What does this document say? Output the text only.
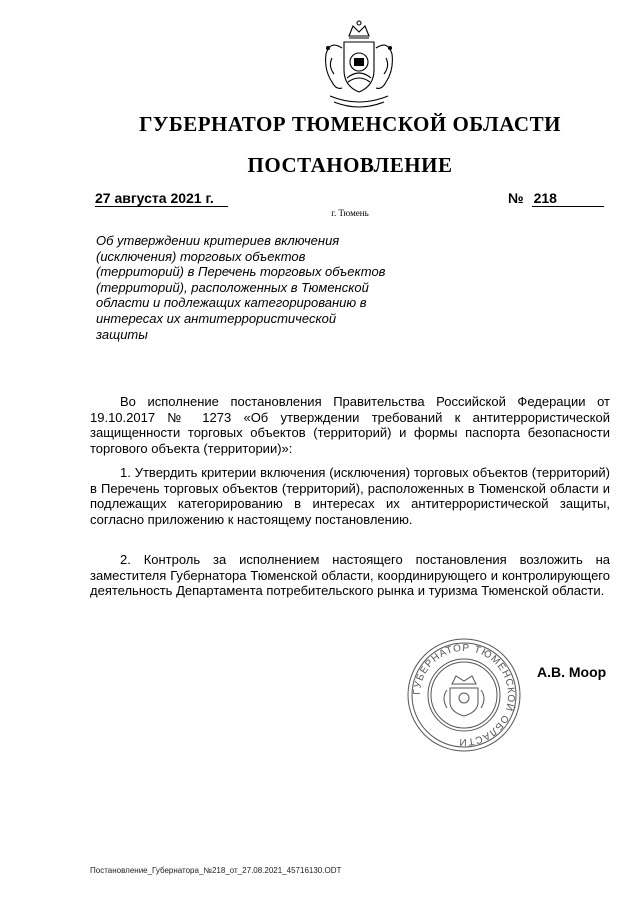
ГУБЕРНАТОР ТЮМЕНСКОЙ ОБЛАСТИ
ПОСТАНОВЛЕНИЕ
27 августа 2021 г.	№ 218
г. Тюмень
Об утверждении критериев включения (исключения) торговых объектов (территорий) в Перечень торговых объектов (территорий), расположенных в Тюменской области и подлежащих категорированию в интересах их антитеррористической защиты
Во исполнение постановления Правительства Российской Федерации от 19.10.2017 № 1273 «Об утверждении требований к антитеррористической защищенности торговых объектов (территорий) и формы паспорта безопасности торгового объекта (территории)»:
1. Утвердить критерии включения (исключения) торговых объектов (территорий) в Перечень торговых объектов (территорий), расположенных в Тюменской области и подлежащих категорированию в интересах их антитеррористической защиты, согласно приложению к настоящему постановлению.
2. Контроль за исполнением настоящего постановления возложить на заместителя Губернатора Тюменской области, координирующего и контролирующего деятельность Департамента потребительского рынка и туризма Тюменской области.
ГУБЕРНАТОР ТЮМЕНСКОЙ ОБЛАСТИ
А.В. Моор
Постановление_Губернатора_№218_от_27.08.2021_45716130.ODT
